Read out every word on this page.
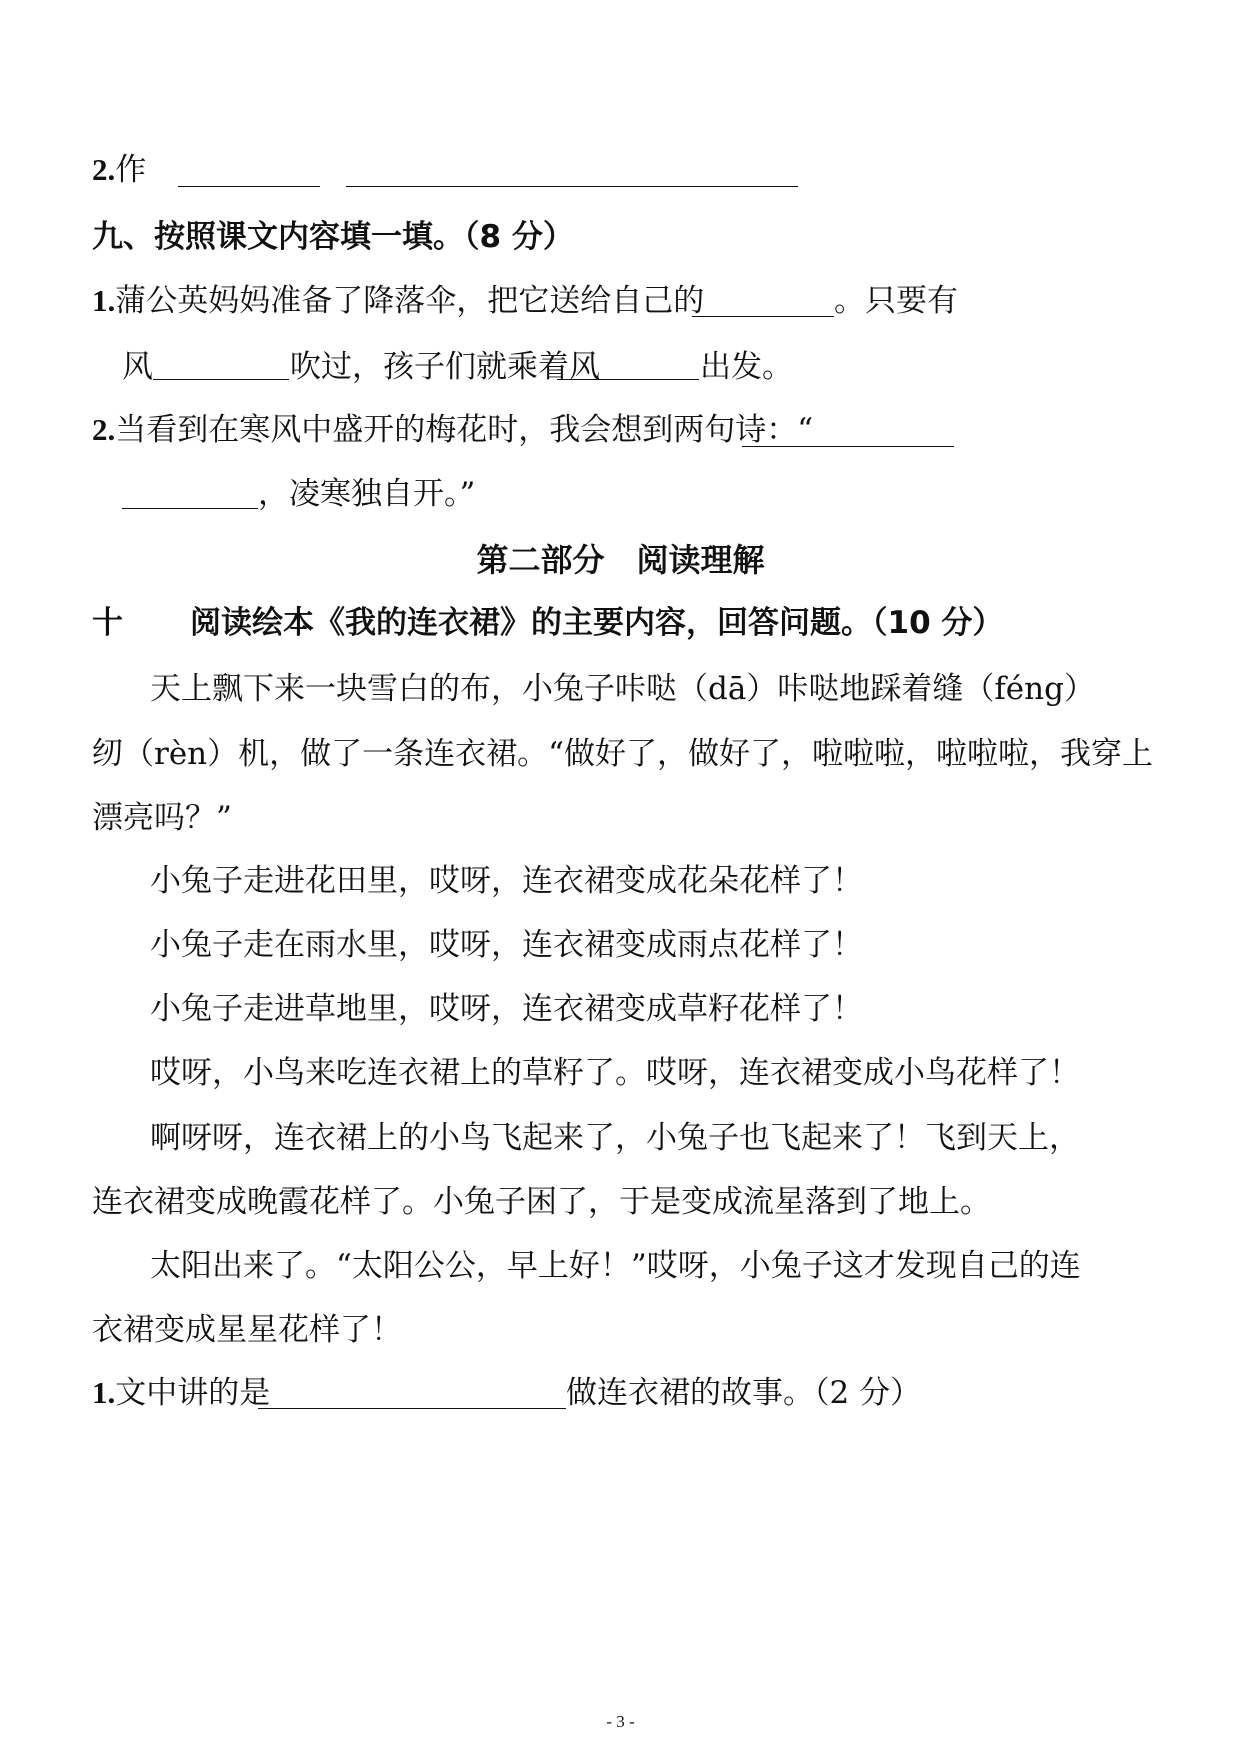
2.作
九、按照课文内容填一填。（8 分）
1.蒲公英妈妈准备了降落伞，把它送给自己的	。只要有
风	吹过，孩子们就乘着风	出发。
2.当看到在寒风中盛开的梅花时，我会想到两句诗：“
，凌寒独自开。”
第二部分　阅读理解
十 阅读绘本《我的连衣裙》的主要内容，回答问题。（10 分）
天上飘下来一块雪白的布，小兔子咔哒（dā）咔哒地踩着缝（féng）
纫（rèn）机，做了一条连衣裙。“做好了，做好了，啦啦啦，啦啦啦，我穿上
漂亮吗？”
小兔子走进花田里，哎呀，连衣裙变成花朵花样了！
小兔子走在雨水里，哎呀，连衣裙变成雨点花样了！
小兔子走进草地里，哎呀，连衣裙变成草籽花样了！
哎呀，小鸟来吃连衣裙上的草籽了。哎呀，连衣裙变成小鸟花样了！
啊呀呀，连衣裙上的小鸟飞起来了，小兔子也飞起来了！飞到天上，
连衣裙变成晚霞花样了。小兔子困了，于是变成流星落到了地上。
太阳出来了。“太阳公公，早上好！”哎呀，小兔子这才发现自己的连
衣裙变成星星花样了！
1.文中讲的是	做连衣裙的故事。（2 分）
- 3 -
